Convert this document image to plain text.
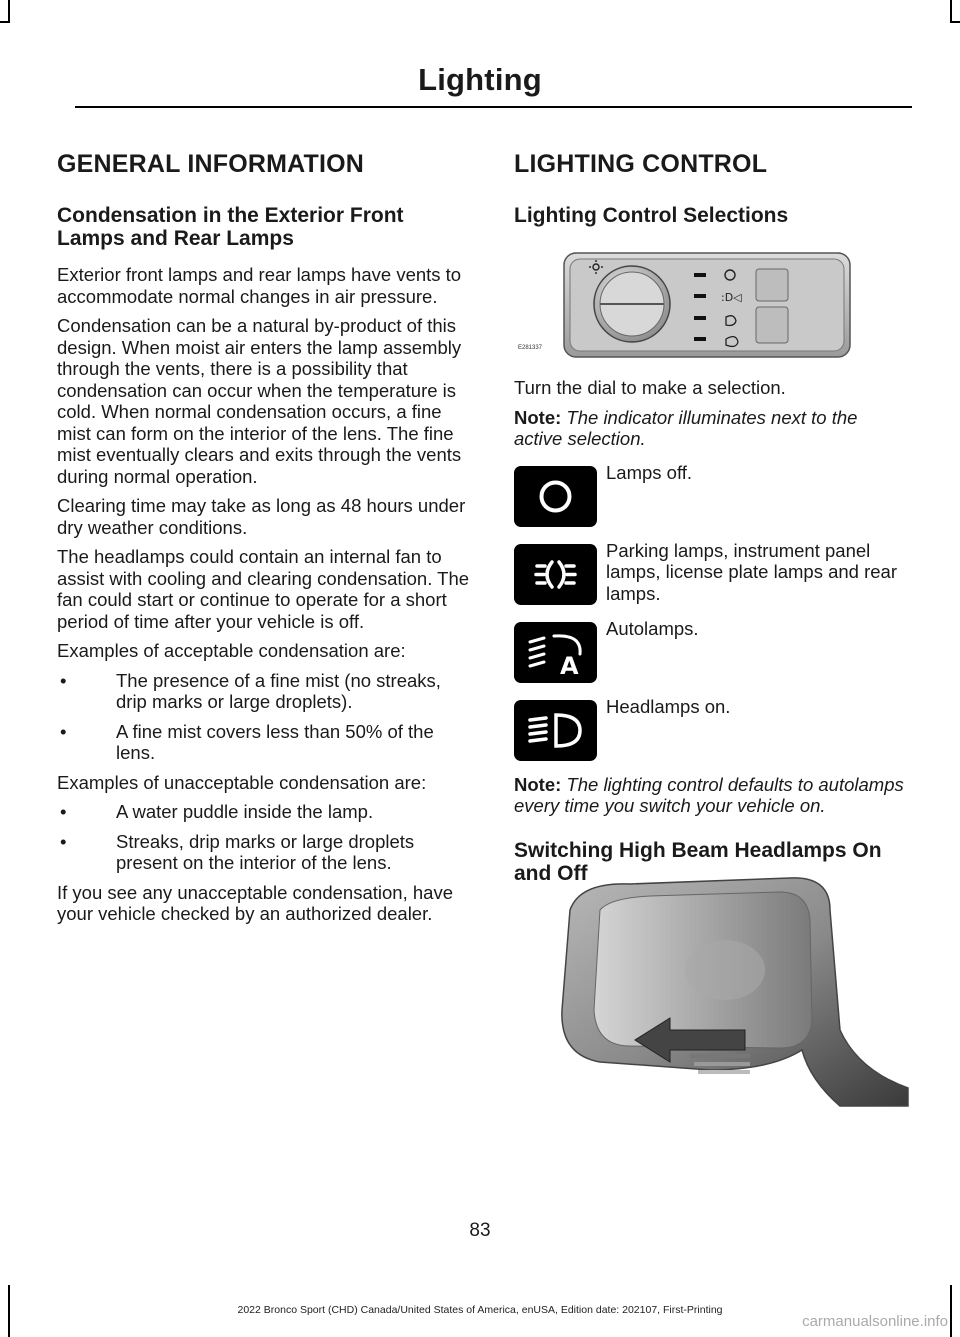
Lighting
GENERAL INFORMATION
Condensation in the Exterior Front Lamps and Rear Lamps

Exterior front lamps and rear lamps have vents to accommodate normal changes in air pressure.

Condensation can be a natural by-product of this design. When moist air enters the lamp assembly through the vents, there is a possibility that condensation can occur when the temperature is cold. When normal condensation occurs, a fine mist can form on the interior of the lens. The fine mist eventually clears and exits through the vents during normal operation.

Clearing time may take as long as 48 hours under dry weather conditions.

The headlamps could contain an internal fan to assist with cooling and clearing condensation. The fan could start or continue to operate for a short period of time after your vehicle is off.

Examples of acceptable condensation are:

• The presence of a fine mist (no streaks, drip marks or large droplets).
• A fine mist covers less than 50% of the lens.

Examples of unacceptable condensation are:

• A water puddle inside the lamp.
• Streaks, drip marks or large droplets present on the interior of the lens.

If you see any unacceptable condensation, have your vehicle checked by an authorized dealer.

LIGHTING CONTROL
Lighting Control Selections
:D◁
E281337

Turn the dial to make a selection.

Note: The indicator illuminates next to the active selection.

Lamps off.
Parking lamps, instrument panel lamps, license plate lamps and rear lamps.
A
Autolamps.
Headlamps on.

Note: The lighting control defaults to autolamps every time you switch your vehicle on.

Switching High Beam Headlamps On and Off
83
2022 Bronco Sport (CHD) Canada/United States of America, enUSA, Edition date: 202107, First-Printing
carmanualsonline.info
